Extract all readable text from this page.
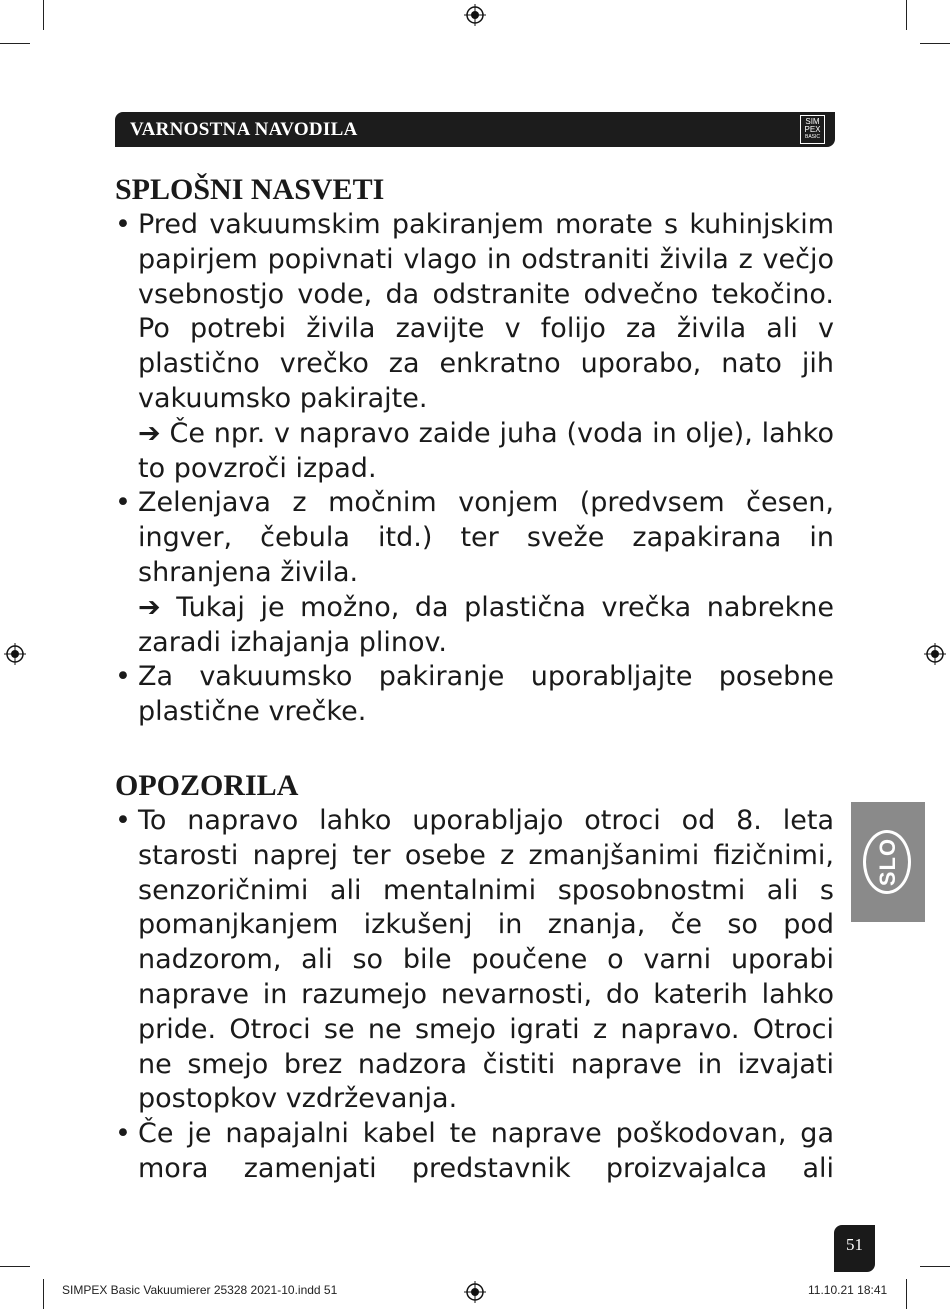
VARNOSTNA NAVODILA	SIM
PEX
BASIC
SPLOŠNI NASVETI
• Pred vakuumskim pakiranjem morate s kuhinjskim papirjem popivnati vlago in odstraniti živila z večjo vsebnostjo vode, da odstranite odvečno tekočino. Po potrebi živila zavijte v folijo za živila ali v plastično vrečko za enkratno uporabo, nato jih vakuumsko pakirajte.
➔ Če npr. v napravo zaide juha (voda in olje), lahko to povzroči izpad.
• Zelenjava z močnim vonjem (predvsem česen, ingver, čebula itd.) ter sveže zapakirana in shranjena živila.
➔ Tukaj je možno, da plastična vrečka nabrekne zaradi izhajanja plinov.
• Za vakuumsko pakiranje uporabljajte posebne plastične vrečke.
OPOZORILA
• To napravo lahko uporabljajo otroci od 8. leta starosti naprej ter osebe z zmanjšanimi fizičnimi, senzoričnimi ali mentalnimi sposobnostmi ali s pomanjkanjem izkušenj in znanja, če so pod nadzorom, ali so bile poučene o varni uporabi naprave in razumejo nevarnosti, do katerih lahko pride. Otroci se ne smejo igrati z napravo. Otroci ne smejo brez nadzora čistiti naprave in izvajati postopkov vzdrževanja.
• Če je napajalni kabel te naprave poškodovan, ga mora zamenjati predstavnik proizvajalca ali
SLO
51
SIMPEX Basic Vakuumierer 25328 2021-10.indd 51	11.10.21 18:41
